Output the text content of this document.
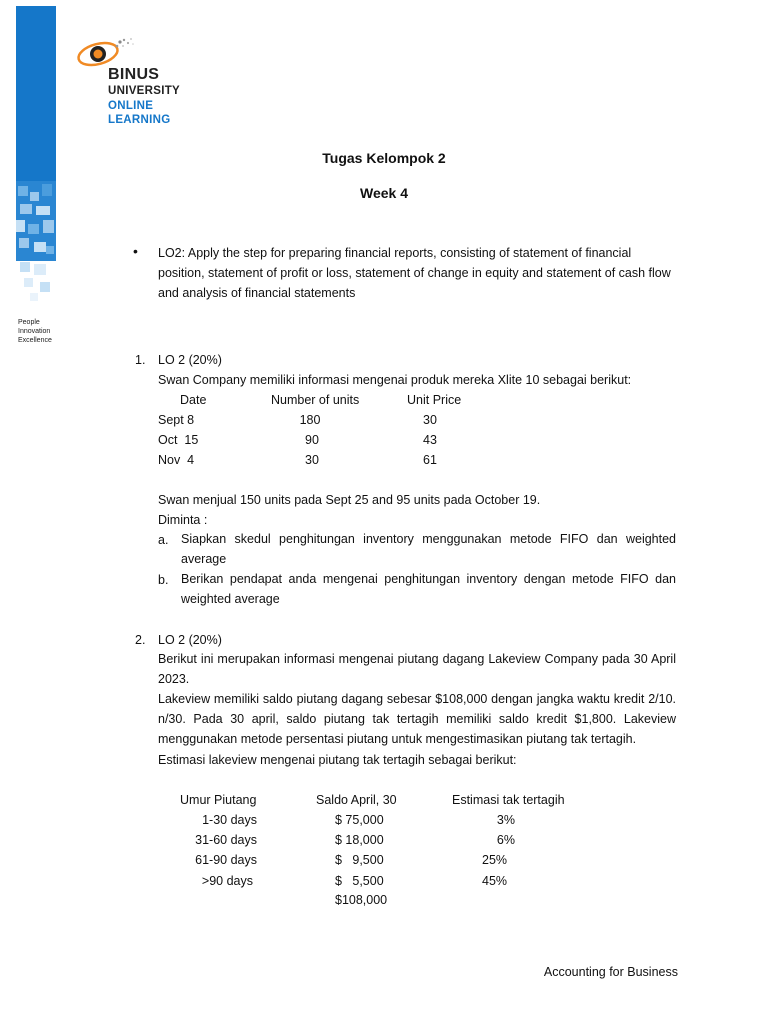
People
Innovation
Excellence
BINUS
UNIVERSITY
ONLINE
LEARNING
Tugas Kelompok 2
Week 4
• LO2: Apply the step for preparing financial reports, consisting of statement of financial position, statement of profit or loss, statement of change in equity and statement of cash flow and analysis of financial statements
1. LO 2 (20%)
Swan Company memiliki informasi mengenai produk mereka Xlite 10 sebagai berikut:
Date	Number of units	Unit Price
Sept 8	180	30
Oct  15	90	43
Nov  4	30	61
Swan menjual 150 units pada Sept 25 and 95 units pada October 19.
Diminta :
a. Siapkan skedul penghitungan inventory menggunakan metode FIFO dan weighted average
b. Berikan pendapat anda mengenai penghitungan inventory dengan metode FIFO dan weighted average
2. LO 2 (20%)
Berikut ini merupakan informasi mengenai piutang dagang Lakeview Company pada 30 April 2023.
Lakeview memiliki saldo piutang dagang sebesar $108,000 dengan jangka waktu kredit 2/10. n/30. Pada 30 april, saldo piutang tak tertagih memiliki saldo kredit $1,800. Lakeview menggunakan metode persentasi piutang untuk mengestimasikan piutang tak tertagih.
Estimasi lakeview mengenai piutang tak tertagih sebagai berikut:
Umur Piutang	Saldo April, 30	Estimasi tak tertagih
1-30 days	$ 75,000	3%
31-60 days	$ 18,000	6%
61-90 days	$   9,500	25%
>90 days	$   5,500	45%
$108,000
Accounting for Business
